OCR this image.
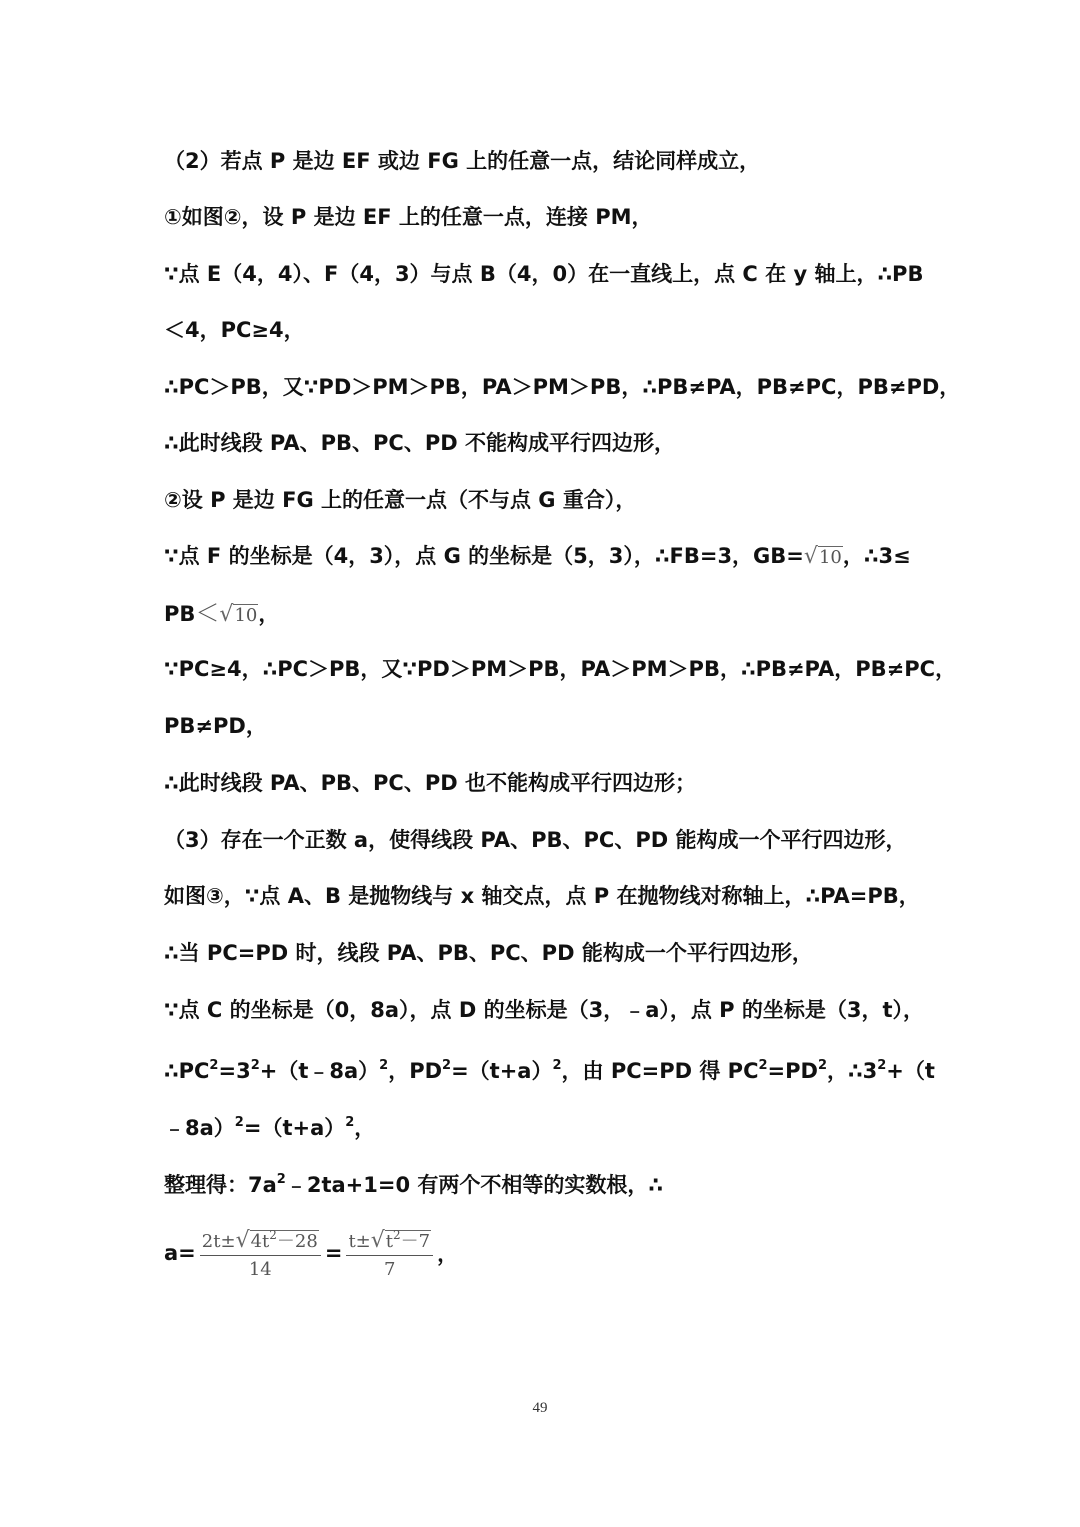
（2）若点 P 是边 EF 或边 FG 上的任意一点，结论同样成立，
①如图②，设 P 是边 EF 上的任意一点，连接 PM，
∵点 E（4，4）、F（4，3）与点 B（4，0）在一直线上，点 C 在 y 轴上，∴PB
＜4，PC≥4，
∴PC＞PB，又∵PD＞PM＞PB，PA＞PM＞PB，∴PB≠PA，PB≠PC，PB≠PD，
∴此时线段 PA、PB、PC、PD 不能构成平行四边形，
②设 P 是边 FG 上的任意一点（不与点 G 重合），
∵点 F 的坐标是（4，3），点 G 的坐标是（5，3），∴FB=3，GB=√10，∴3≤
PB＜√10，
∵PC≥4，∴PC＞PB，又∵PD＞PM＞PB，PA＞PM＞PB，∴PB≠PA，PB≠PC，
PB≠PD，
∴此时线段 PA、PB、PC、PD 也不能构成平行四边形；
（3）存在一个正数 a，使得线段 PA、PB、PC、PD 能构成一个平行四边形，
如图③，∵点 A、B 是抛物线与 x 轴交点，点 P 在抛物线对称轴上，∴PA=PB，
∴当 PC=PD 时，线段 PA、PB、PC、PD 能构成一个平行四边形，
∵点 C 的坐标是（0，8a），点 D 的坐标是（3，﹣a），点 P 的坐标是（3，t），
$\therefore PC^2=3^2+(t﹣8a)^2$，$PD^2=(t+a)^2$，由 PC=PD 得 $PC^2=PD^2$，$\therefore 3^2+(t$
$﹣8a)^2=(t+a)^2$，
整理得：$7a^2﹣2ta+1=0$ 有两个不相等的实数根，∴
$a= \frac{2t\pm√4t^2-28}{14} = \frac{t\pm√t^2-7}{7}$ ，
49
